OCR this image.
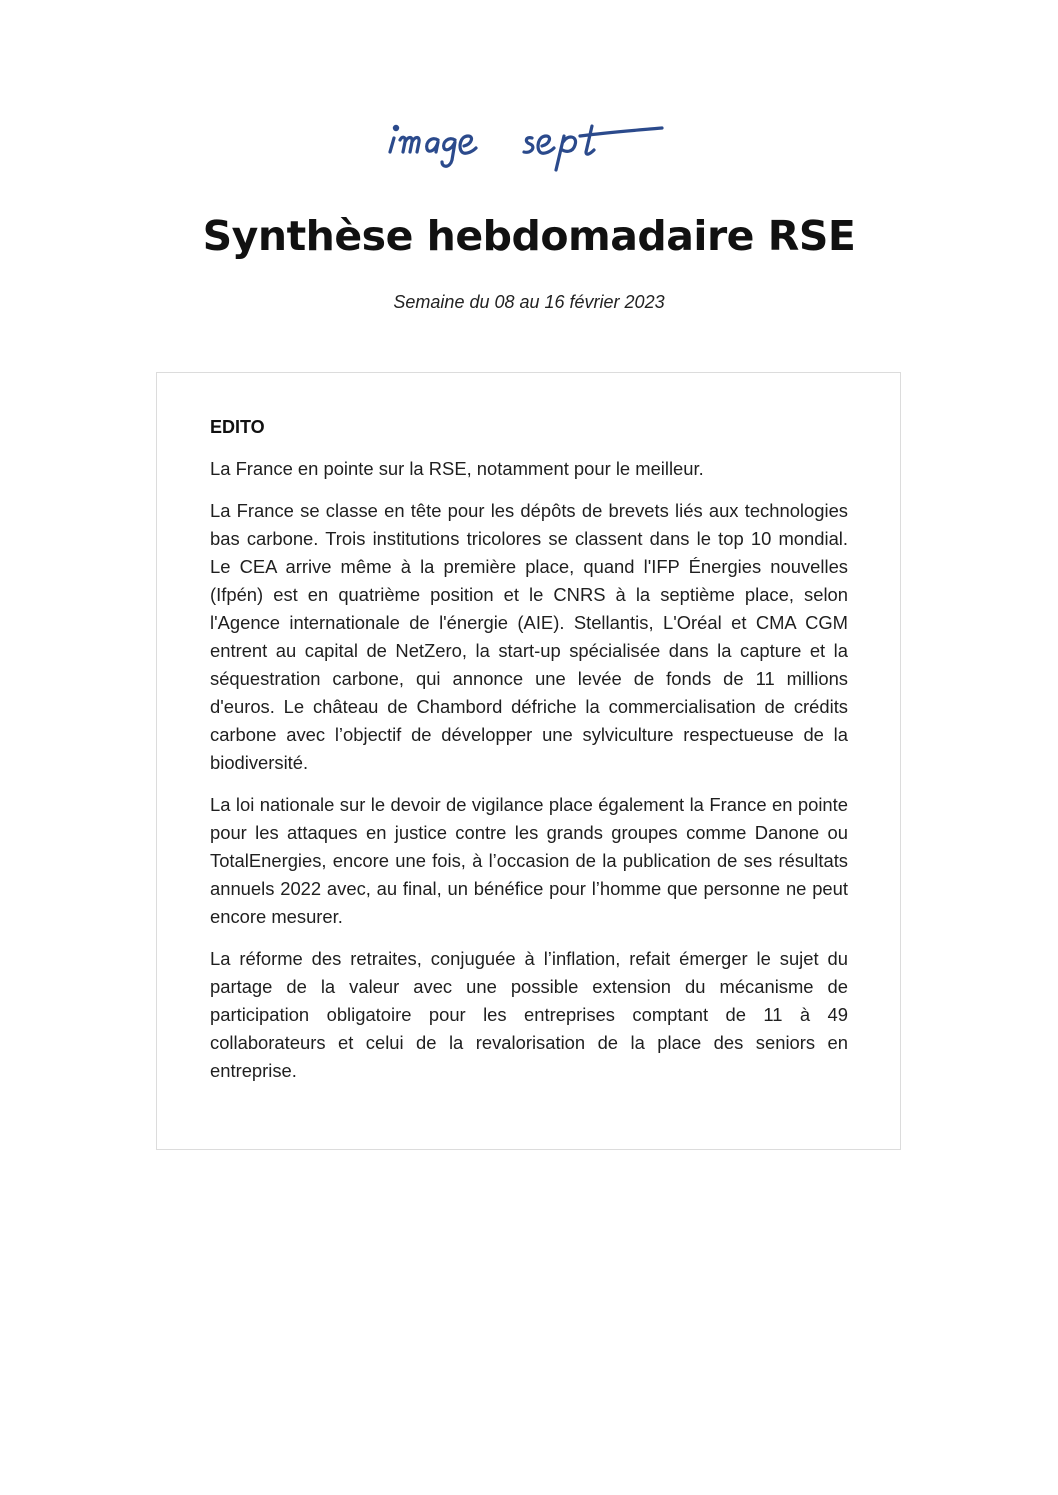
Synthèse hebdomadaire RSE

Semaine du 08 au 16 février 2023

EDITO

La France en pointe sur la RSE, notamment pour le meilleur.

La France se classe en tête pour les dépôts de brevets liés aux technologies bas carbone. Trois institutions tricolores se classent dans le top 10 mondial. Le CEA arrive même à la première place, quand l'IFP Énergies nouvelles (Ifpén) est en quatrième position et le CNRS à la septième place, selon l'Agence internationale de l'énergie (AIE). Stellantis, L'Oréal et CMA CGM entrent au capital de NetZero, la start-up spécialisée dans la capture et la séquestration carbone, qui annonce une levée de fonds de 11 millions d'euros. Le château de Chambord défriche la commercialisation de crédits carbone avec l’objectif de développer une sylviculture respectueuse de la biodiversité.

La loi nationale sur le devoir de vigilance place également la France en pointe pour les attaques en justice contre les grands groupes comme Danone ou TotalEnergies, encore une fois, à l’occasion de la publication de ses résultats annuels 2022 avec, au final, un bénéfice pour l’homme que personne ne peut encore mesurer.

La réforme des retraites, conjuguée à l’inflation, refait émerger le sujet du partage de la valeur avec une possible extension du mécanisme de participation obligatoire pour les entreprises comptant de 11 à 49 collaborateurs et celui de la revalorisation de la place des seniors en entreprise.
